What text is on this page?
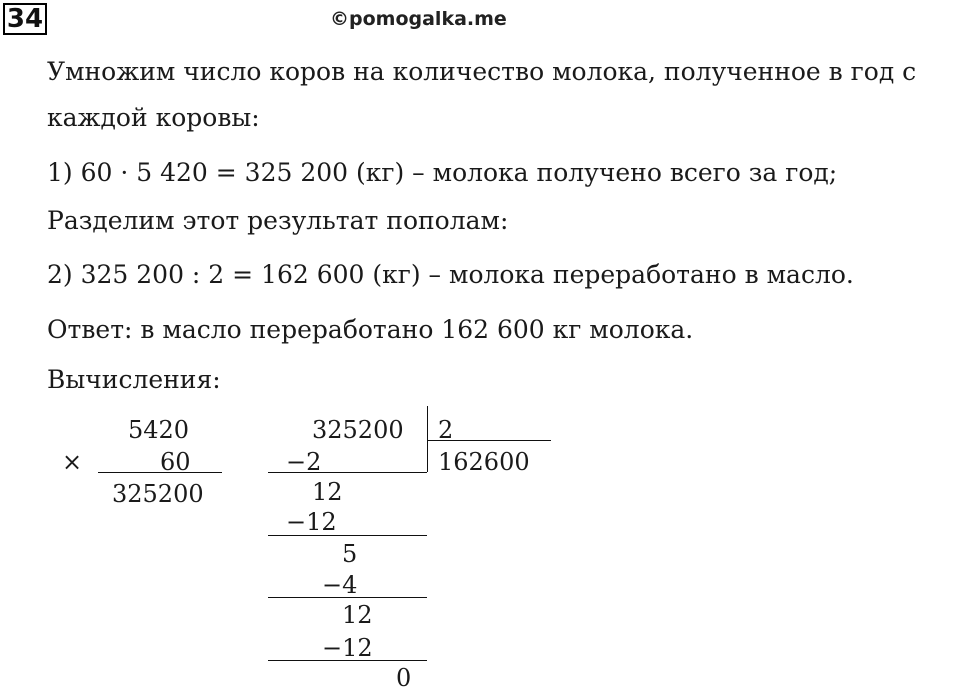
34	©pomogalka.me
Умножим число коров на количество молока, полученное в год с
каждой коровы:
1) 60 · 5 420 = 325 200 (кг) – молока получено всего за год;
Разделим этот результат пополам:
2) 325 200 : 2 = 162 600 (кг) – молока переработано в масло.
Ответ: в масло переработано 162 600 кг молока.
Вычисления:
5420
×	60
325200
325200 2
162600
−2
12
−12
5
−4
12
−12
0
